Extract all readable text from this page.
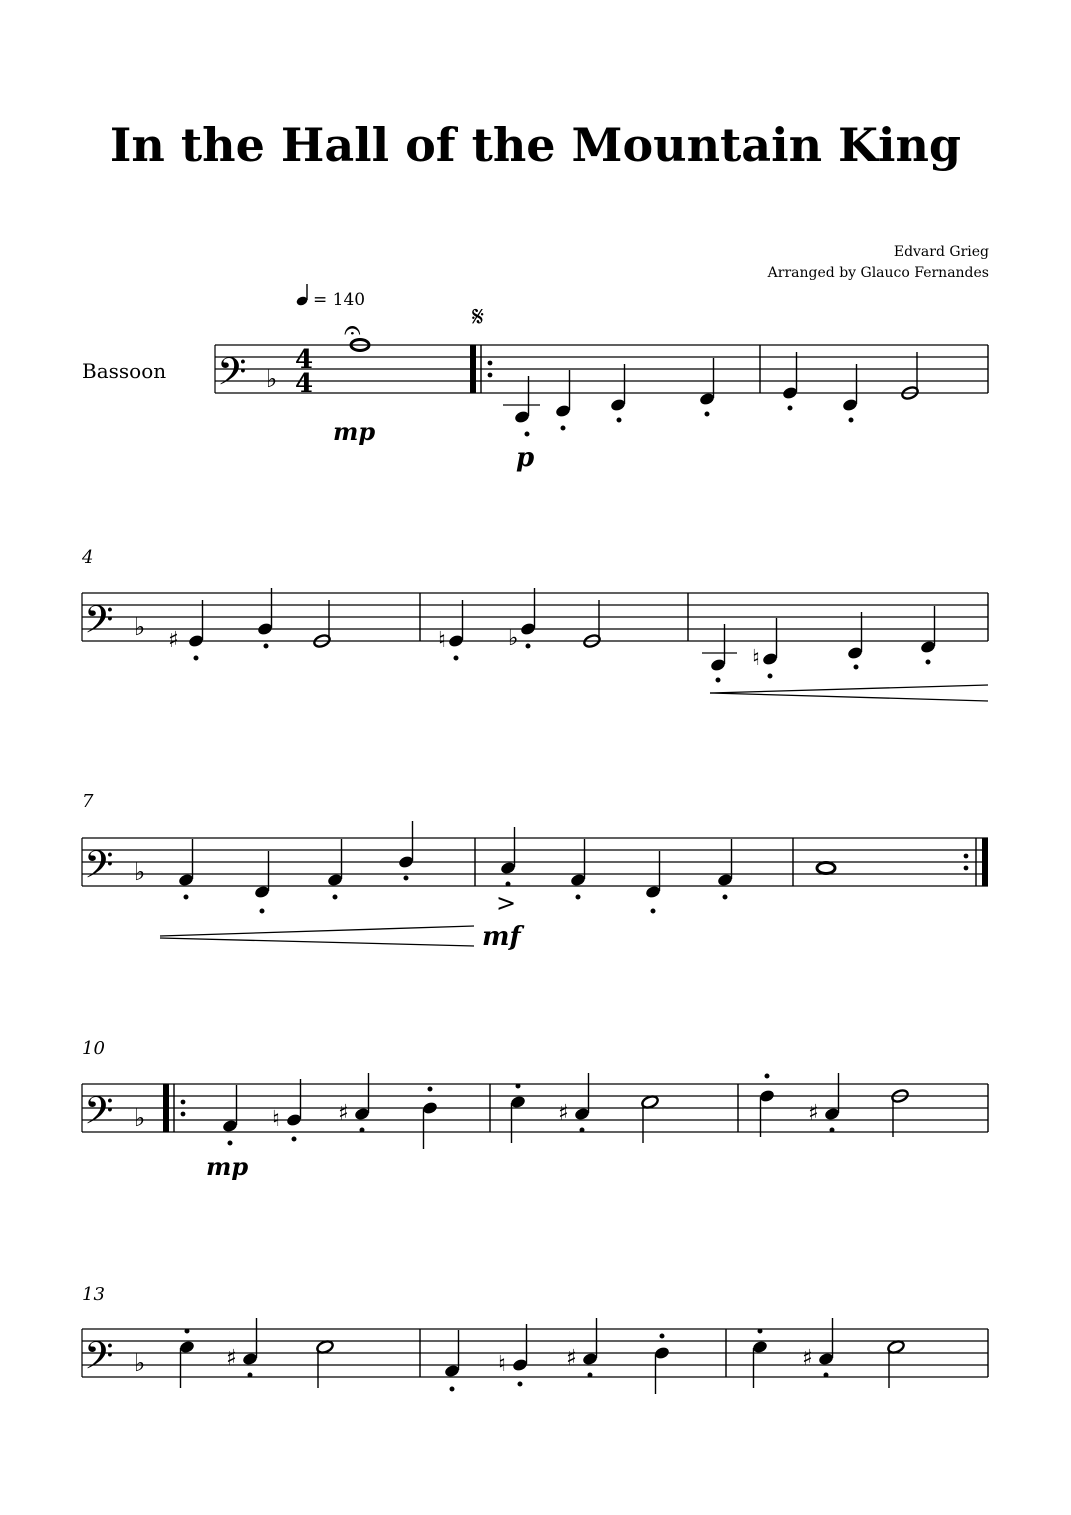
In the Hall of the Mountain King
Edvard Grieg
Arranged by Glauco Fernandes
Bassoon
= 140
𝄢 ♭
4
4
𝄐
mp
𝄋
p
4
𝄢 ♭ ♯	♮	♭
♮
7
𝄢 ♭
>
mf
10
𝄢 ♭	♮	♯
mp
♯	♯
13
𝄢 ♭	♯	♮	♯	♯
